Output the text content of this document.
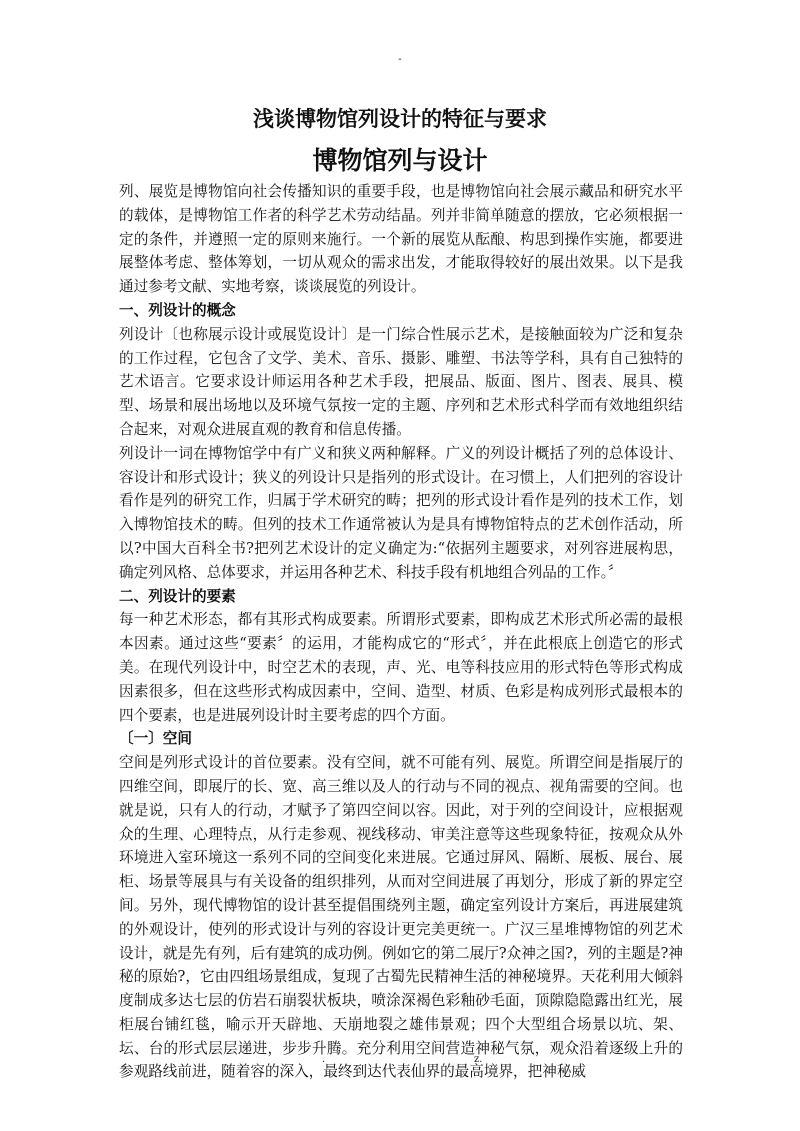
-
浅谈博物馆列设计的特征与要求
博物馆列与设计

列、展览是博物馆向社会传播知识的重要手段，也是博物馆向社会展示藏品和研究水平的载体，是博物馆工作者的科学艺术劳动结晶。列并非简单随意的摆放，它必须根据一定的条件，并遵照一定的原则来施行。一个新的展览从酝酿、构思到操作实施，都要进展整体考虑、整体筹划，一切从观众的需求出发，才能取得较好的展出效果。以下是我通过参考文献、实地考察，谈谈展览的列设计。

一、列设计的概念

列设计〔也称展示设计或展览设计〕是一门综合性展示艺术，是接触面较为广泛和复杂的工作过程，它包含了文学、美术、音乐、摄影、雕塑、书法等学科，具有自己独特的艺术语言。它要求设计师运用各种艺术手段，把展品、版面、图片、图表、展具、模型、场景和展出场地以及环境气氛按一定的主题、序列和艺术形式科学而有效地组织结合起来，对观众进展直观的教育和信息传播。

列设计一词在博物馆学中有广义和狭义两种解释。广义的列设计概括了列的总体设计、容设计和形式设计；狭义的列设计只是指列的形式设计。在习惯上，人们把列的容设计看作是列的研究工作，归属于学术研究的畴；把列的形式设计看作是列的技术工作，划入博物馆技术的畴。但列的技术工作通常被认为是具有博物馆特点的艺术创作活动，所以?中国大百科全书?把列艺术设计的定义确定为:“依据列主题要求，对列容进展构思，确定列风格、总体要求，并运用各种艺术、科技手段有机地组合列品的工作。〞

二、列设计的要素

每一种艺术形态，都有其形式构成要素。所谓形式要素，即构成艺术形式所必需的最根本因素。通过这些“要素〞的运用，才能构成它的“形式〞，并在此根底上创造它的形式美。在现代列设计中，时空艺术的表现，声、光、电等科技应用的形式特色等形式构成因素很多，但在这些形式构成因素中，空间、造型、材质、色彩是构成列形式最根本的四个要素，也是进展列设计时主要考虑的四个方面。

〔一〕空间

空间是列形式设计的首位要素。没有空间，就不可能有列、展览。所谓空间是指展厅的四维空间，即展厅的长、宽、高三维以及人的行动与不同的视点、视角需要的空间。也就是说，只有人的行动，才赋予了第四空间以容。因此，对于列的空间设计，应根据观众的生理、心理特点，从行走参观、视线移动、审美注意等这些现象特征，按观众从外环境进入室环境这一系列不同的空间变化来进展。它通过屏风、隔断、展板、展台、展柜、场景等展具与有关设备的组织排列，从而对空间进展了再划分，形成了新的界定空间。另外，现代博物馆的设计甚至提倡围绕列主题，确定室列设计方案后，再进展建筑的外观设计，使列的形式设计与列的容设计更完美更统一。广汉三星堆博物馆的列艺术设计，就是先有列，后有建筑的成功例。例如它的第二展厅?众神之国?，列的主题是?神秘的原始?，它由四组场景组成，复现了古蜀先民精神生活的神秘境界。天花利用大倾斜度制成多达七层的仿岩石崩裂状板块，喷涂深褐色彩釉砂毛面，顶隙隐隐露出红光，展柜展台铺红毯，喻示开天辟地、天崩地裂之雄伟景观；四个大型组合场景以坑、架、坛、台的形式层层递进，步步升腾。充分利用空间营造神秘气氛，观众沿着逐级上升的参观路线前进，随着容的深入，最终到达代表仙界的最高境界，把神秘威

.	z.
